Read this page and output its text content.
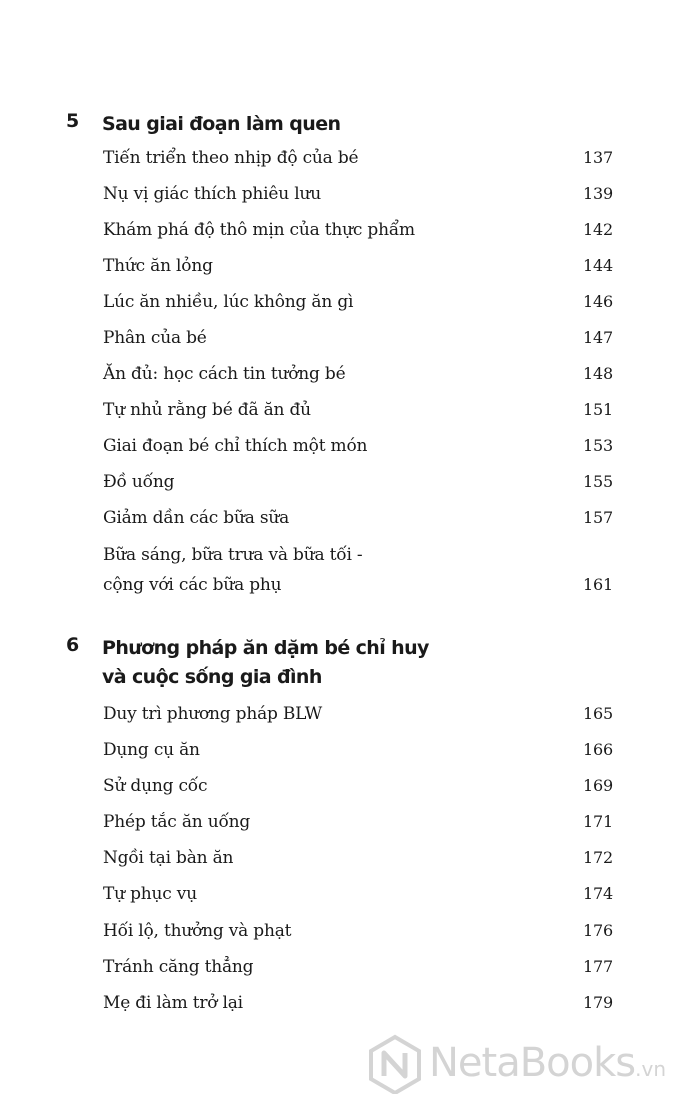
5 Sau giai đoạn làm quen
Tiến triển theo nhịp độ của bé	137
Nụ vị giác thích phiêu lưu	139
Khám phá độ thô mịn của thực phẩm	142
Thức ăn lỏng	144
Lúc ăn nhiều, lúc không ăn gì	146
Phân của bé	147
Ăn đủ: học cách tin tưởng bé	148
Tự nhủ rằng bé đã ăn đủ	151
Giai đoạn bé chỉ thích một món	153
Đồ uống	155
Giảm dần các bữa sữa	157
Bữa sáng, bữa trưa và bữa tối -
cộng với các bữa phụ	161
6 Phương pháp ăn dặm bé chỉ huy
và cuộc sống gia đình
Duy trì phương pháp BLW	165
Dụng cụ ăn	166
Sử dụng cốc	169
Phép tắc ăn uống	171
Ngồi tại bàn ăn	172
Tự phục vụ	174
Hối lộ, thưởng và phạt	176
Tránh căng thẳng	177
Mẹ đi làm trở lại	179
NetaBooks.vn
